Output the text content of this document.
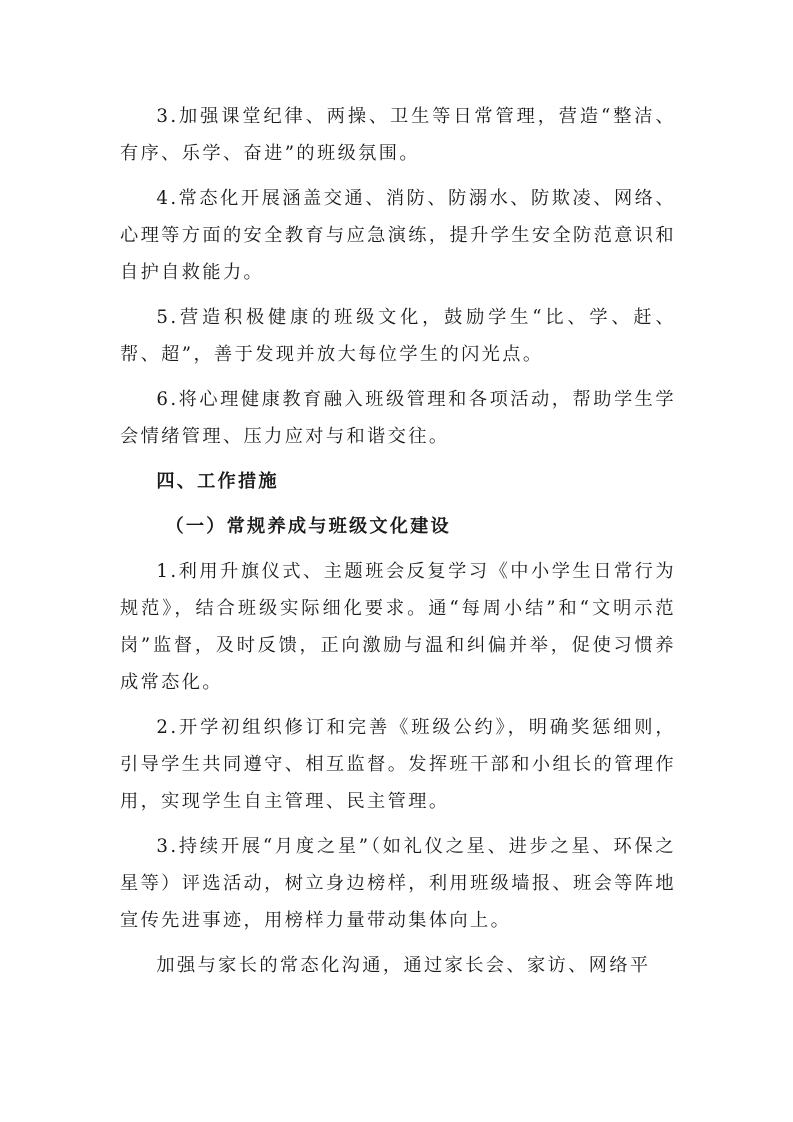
3.加强课堂纪律、两操、卫生等日常管理，营造“整洁、有序、乐学、奋进”的班级氛围。

4.常态化开展涵盖交通、消防、防溺水、防欺凌、网络、心理等方面的安全教育与应急演练，提升学生安全防范意识和自护自救能力。

5.营造积极健康的班级文化，鼓励学生“比、学、赶、帮、超”，善于发现并放大每位学生的闪光点。

6.将心理健康教育融入班级管理和各项活动，帮助学生学会情绪管理、压力应对与和谐交往。

四、工作措施
（一）常规养成与班级文化建设

1.利用升旗仪式、主题班会反复学习《中小学生日常行为规范》，结合班级实际细化要求。通“每周小结”和“文明示范岗”监督，及时反馈，正向激励与温和纠偏并举，促使习惯养成常态化。

2.开学初组织修订和完善《班级公约》，明确奖惩细则，引导学生共同遵守、相互监督。发挥班干部和小组长的管理作用，实现学生自主管理、民主管理。

3.持续开展“月度之星”（如礼仪之星、进步之星、环保之星等）评选活动，树立身边榜样，利用班级墙报、班会等阵地宣传先进事迹，用榜样力量带动集体向上。

加强与家长的常态化沟通，通过家长会、家访、网络平
